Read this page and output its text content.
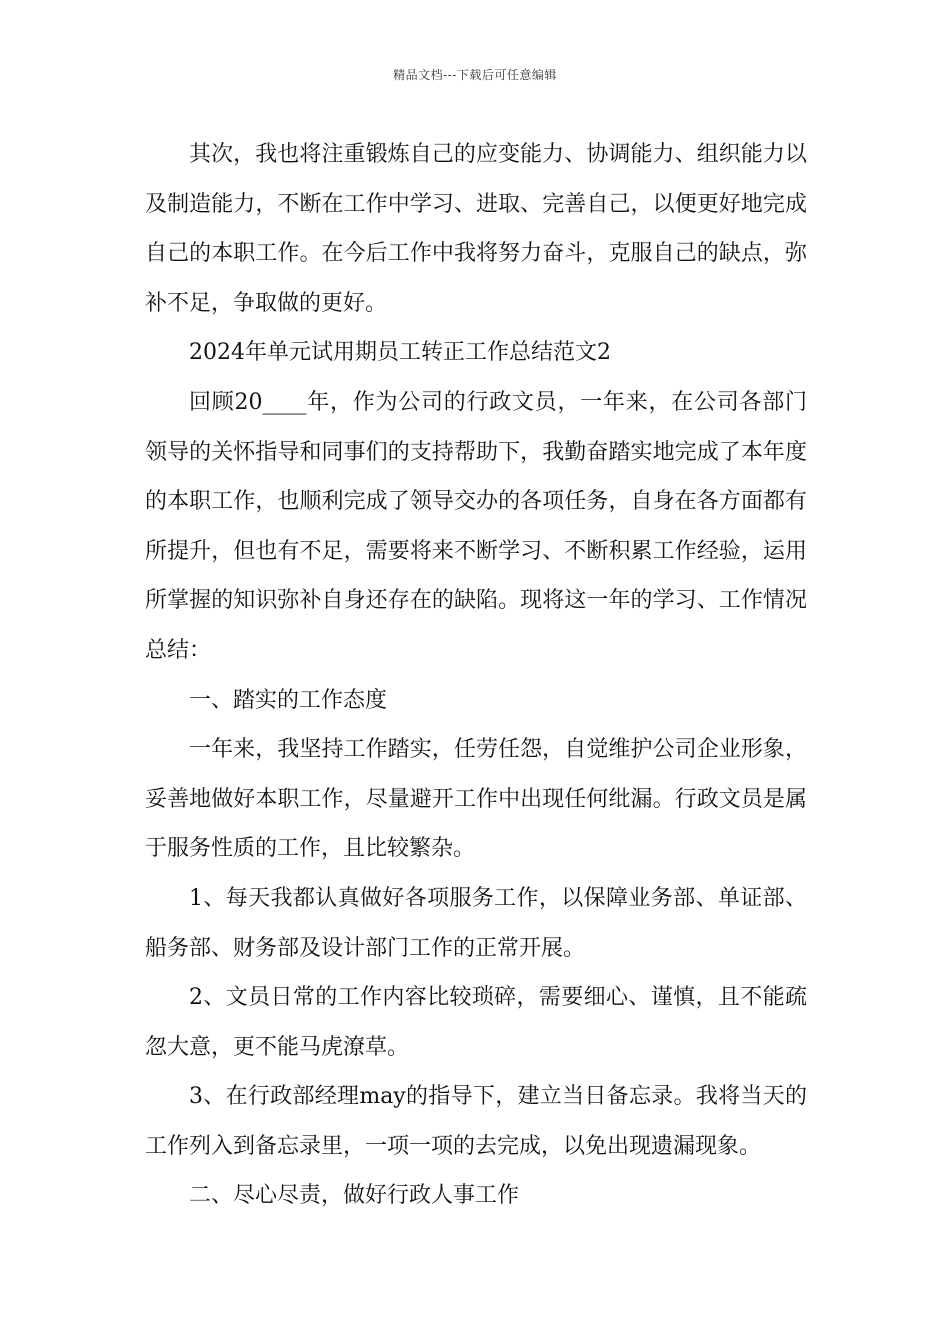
精品文档---下载后可任意编辑

其次，我也将注重锻炼自己的应变能力、协调能力、组织能力以及制造能力，不断在工作中学习、进取、完善自己，以便更好地完成自己的本职工作。在今后工作中我将努力奋斗，克服自己的缺点，弥补不足，争取做的更好。

2024年单元试用期员工转正工作总结范文2

回顾20____年，作为公司的行政文员，一年来，在公司各部门领导的关怀指导和同事们的支持帮助下，我勤奋踏实地完成了本年度的本职工作，也顺利完成了领导交办的各项任务，自身在各方面都有所提升，但也有不足，需要将来不断学习、不断积累工作经验，运用所掌握的知识弥补自身还存在的缺陷。现将这一年的学习、工作情况总结：

一、踏实的工作态度

一年来，我坚持工作踏实，任劳任怨，自觉维护公司企业形象，妥善地做好本职工作，尽量避开工作中出现任何纰漏。行政文员是属于服务性质的工作，且比较繁杂。

1、每天我都认真做好各项服务工作，以保障业务部、单证部、船务部、财务部及设计部门工作的正常开展。

2、文员日常的工作内容比较琐碎，需要细心、谨慎，且不能疏忽大意，更不能马虎潦草。

3、在行政部经理may的指导下，建立当日备忘录。我将当天的工作列入到备忘录里，一项一项的去完成，以免出现遗漏现象。

二、尽心尽责，做好行政人事工作
